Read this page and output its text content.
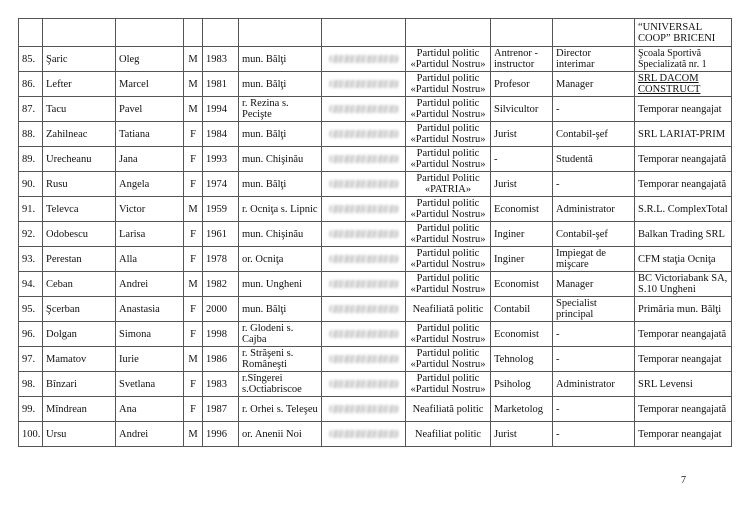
										“UNIVERSAL COOP” BRICENI
85.	Şaric	Oleg	M	1983	mun. Bălţi		Partidul politic «Partidul Nostru»	Antrenor - instructor	Director interimar	Şcoala Sportivă Specializată nr. 1
86.	Lefter	Marcel	M	1981	mun. Bălţi		Partidul politic «Partidul Nostru»	Profesor	Manager	SRL DACOM CONSTRUCT
87.	Tacu	Pavel	M	1994	r. Rezina s. Pecişte		Partidul politic «Partidul Nostru»	Silvicultor	-	Temporar neangajat
88.	Zahilneac	Tatiana	F	1984	mun. Bălţi		Partidul politic «Partidul Nostru»	Jurist	Contabil-şef	SRL LARIAT-PRIM
89.	Urecheanu	Jana	F	1993	mun. Chişinău		Partidul politic «Partidul Nostru»	-	Studentă	Temporar neangajată
90.	Rusu	Angela	F	1974	mun. Bălţi		Partidul Politic «PATRIA»	Jurist	-	Temporar neangajată
91.	Televca	Victor	M	1959	r. Ocniţa s. Lipnic		Partidul politic «Partidul Nostru»	Economist	Administrator	S.R.L. ComplexTotal
92.	Odobescu	Larisa	F	1961	mun. Chişinău		Partidul politic «Partidul Nostru»	Inginer	Contabil-şef	Balkan Trading SRL
93.	Perestan	Alla	F	1978	or. Ocniţa		Partidul politic «Partidul Nostru»	Inginer	Impiegat de mişcare	CFM staţia Ocniţa
94.	Ceban	Andrei	M	1982	mun. Ungheni		Partidul politic «Partidul Nostru»	Economist	Manager	BC Victoriabank SA, S.10 Ungheni
95.	Şcerban	Anastasia	F	2000	mun. Bălţi		Neafiliată politic	Contabil	Specialist principal	Primăria mun. Bălţi
96.	Dolgan	Simona	F	1998	r. Glodeni s. Cajba		Partidul politic «Partidul Nostru»	Economist	-	Temporar neangajată
97.	Mamatov	Iurie	M	1986	r. Străşeni s. Româneşti		Partidul politic «Partidul Nostru»	Tehnolog	-	Temporar neangajat
98.	Bînzari	Svetlana	F	1983	r.Sîngerei s.Octiabriscoe		Partidul politic «Partidul Nostru»	Psiholog	Administrator	SRL Levensi
99.	Mîndrean	Ana	F	1987	r. Orhei s. Teleşeu		Neafiliată politic	Marketolog	-	Temporar neangajată
100.	Ursu	Andrei	M	1996	or. Anenii Noi		Neafiliat politic	Jurist	-	Temporar neangajat
7
